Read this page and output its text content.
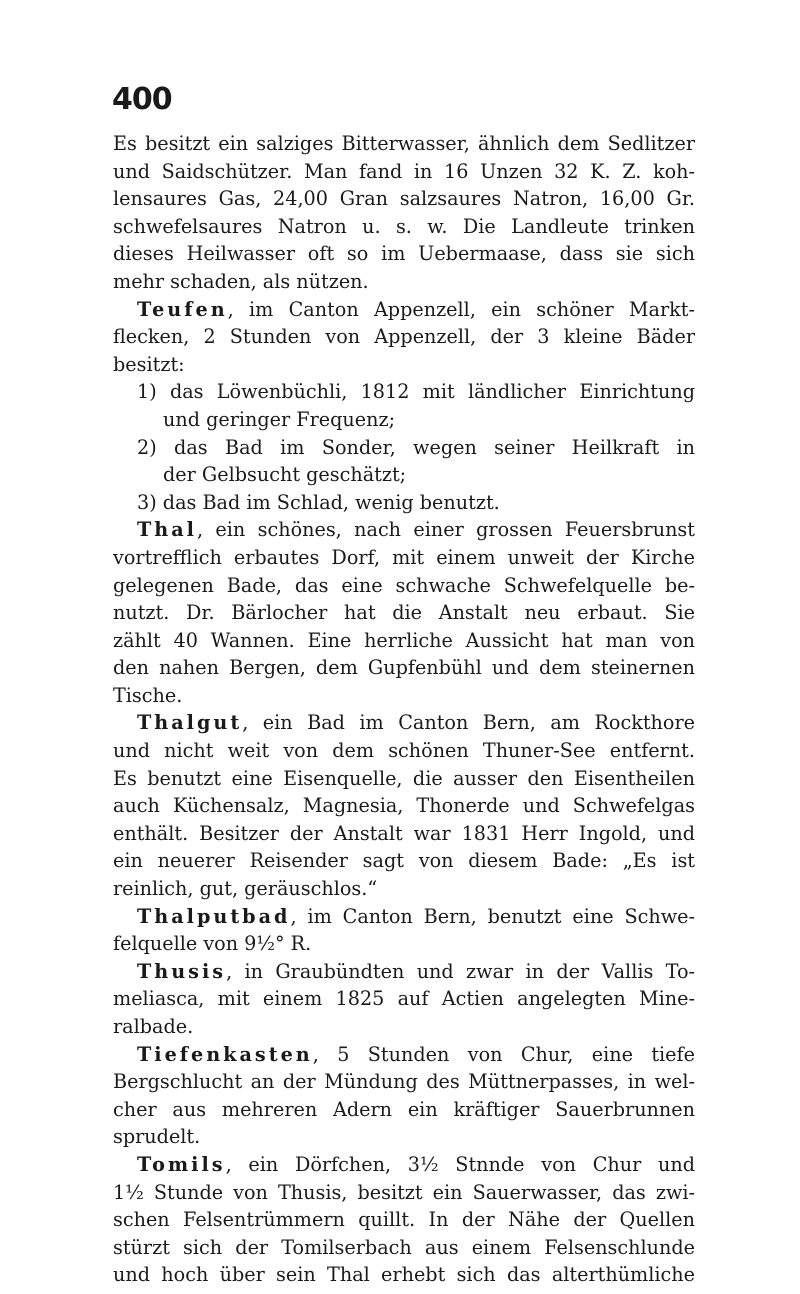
400
Es besitzt ein salziges Bitterwasser, ähnlich dem Sedlitzer
und Saidschützer. Man fand in 16 Unzen 32 K. Z. koh-
lensaures Gas, 24,00 Gran salzsaures Natron, 16,00 Gr.
schwefelsaures Natron u. s. w. Die Landleute trinken
dieses Heilwasser oft so im Uebermaase, dass sie sich
mehr schaden, als nützen.
Teufen, im Canton Appenzell, ein schöner Markt-
flecken, 2 Stunden von Appenzell, der 3 kleine Bäder
besitzt:
1) das Löwenbüchli, 1812 mit ländlicher Einrichtung
und geringer Frequenz;
2) das Bad im Sonder, wegen seiner Heilkraft in
der Gelbsucht geschätzt;
3) das Bad im Schlad, wenig benutzt.
Thal, ein schönes, nach einer grossen Feuersbrunst
vortrefflich erbautes Dorf, mit einem unweit der Kirche
gelegenen Bade, das eine schwache Schwefelquelle be-
nutzt. Dr. Bärlocher hat die Anstalt neu erbaut. Sie
zählt 40 Wannen. Eine herrliche Aussicht hat man von
den nahen Bergen, dem Gupfenbühl und dem steinernen
Tische.
Thalgut, ein Bad im Canton Bern, am Rockthore
und nicht weit von dem schönen Thuner-See entfernt.
Es benutzt eine Eisenquelle, die ausser den Eisentheilen
auch Küchensalz, Magnesia, Thonerde und Schwefelgas
enthält. Besitzer der Anstalt war 1831 Herr Ingold, und
ein neuerer Reisender sagt von diesem Bade: „Es ist
reinlich, gut, geräuschlos.“
Thalputbad, im Canton Bern, benutzt eine Schwe-
felquelle von 9½° R.
Thusis, in Graubündten und zwar in der Vallis To-
meliasca, mit einem 1825 auf Actien angelegten Mine-
ralbade.
Tiefenkasten, 5 Stunden von Chur, eine tiefe
Bergschlucht an der Mündung des Müttnerpasses, in wel-
cher aus mehreren Adern ein kräftiger Sauerbrunnen
sprudelt.
Tomils, ein Dörfchen, 3½ Stnnde von Chur und
1½ Stunde von Thusis, besitzt ein Sauerwasser, das zwi-
schen Felsentrümmern quillt. In der Nähe der Quellen
stürzt sich der Tomilserbach aus einem Felsenschlunde
und hoch über sein Thal erhebt sich das alterthümliche
